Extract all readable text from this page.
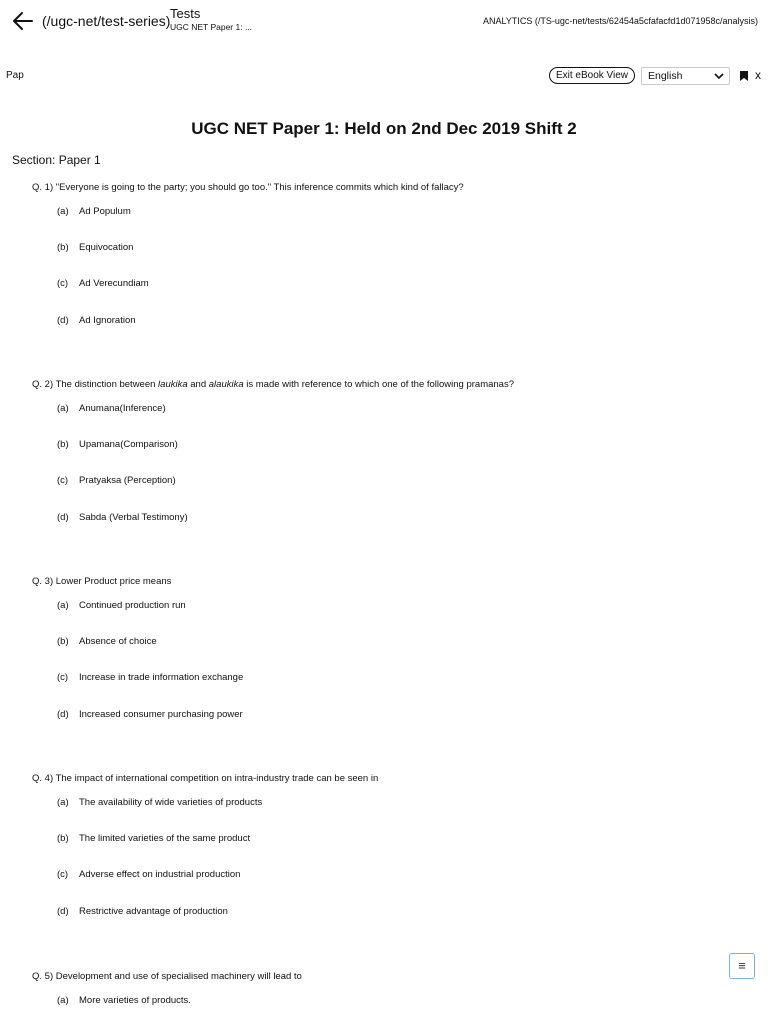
(/ugc-net/test-series) Tests
UGC NET Paper 1: ...
ANALYTICS (/TS-ugc-net/tests/62454a5cfafacfd1d071958c/analysis)
Pap	Exit eBook View	English	x
UGC NET Paper 1: Held on 2nd Dec 2019 Shift 2
Section: Paper 1
Q. 1) "Everyone is going to the party; you should go too." This inference commits which kind of fallacy?
(a) Ad Populum
(b) Equivocation
(c) Ad Verecundiam
(d) Ad Ignoration
Q. 2) The distinction between laukika and alaukika is made with reference to which one of the following pramanas?
(a) Anumana(Inference)
(b) Upamana(Comparison)
(c) Pratyaksa (Perception)
(d) Sabda (Verbal Testimony)
Q. 3) Lower Product price means
(a) Continued production run
(b) Absence of choice
(c) Increase in trade information exchange
(d) Increased consumer purchasing power
Q. 4) The impact of international competition on intra-industry trade can be seen in
(a) The availability of wide varieties of products
(b) The limited varieties of the same product
(c) Adverse effect on industrial production
(d) Restrictive advantage of production
Q. 5) Development and use of specialised machinery will lead to
(a) More varieties of products.
≡
